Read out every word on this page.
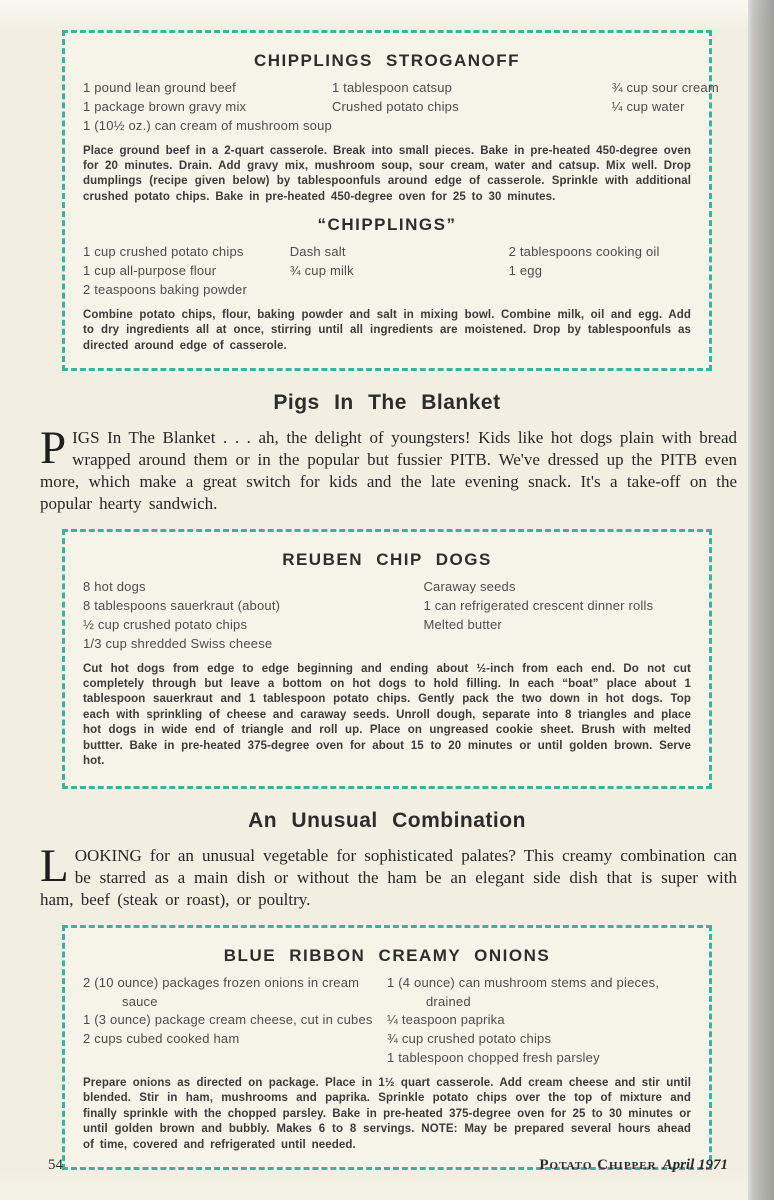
CHIPPLINGS STROGANOFF
1 pound lean ground beef
1 package brown gravy mix
1 (10½ oz.) can cream of mushroom soup
1 tablespoon catsup
Crushed potato chips
¾ cup sour cream
¼ cup water

Place ground beef in a 2-quart casserole. Break into small pieces. Bake in pre-heated 450-degree oven for 20 minutes. Drain. Add gravy mix, mushroom soup, sour cream, water and catsup. Mix well. Drop dumplings (recipe given below) by tablespoonfuls around edge of casserole. Sprinkle with additional crushed potato chips. Bake in pre-heated 450-degree oven for 25 to 30 minutes.

“CHIPPLINGS”
1 cup crushed potato chips
1 cup all-purpose flour
2 teaspoons baking powder
Dash salt
¾ cup milk
2 tablespoons cooking oil
1 egg

Combine potato chips, flour, baking powder and salt in mixing bowl. Combine milk, oil and egg. Add to dry ingredients all at once, stirring until all ingredients are moistened. Drop by tablespoonfuls as directed around edge of casserole.

Pigs In The Blanket

PIGS In The Blanket . . . ah, the delight of youngsters! Kids like hot dogs plain with bread wrapped around them or in the popular but fussier PITB. We've dressed up the PITB even more, which make a great switch for kids and the late evening snack. It's a take-off on the popular hearty sandwich.

REUBEN CHIP DOGS
8 hot dogs
8 tablespoons sauerkraut (about)
½ cup crushed potato chips
1/3 cup shredded Swiss cheese
Caraway seeds
1 can refrigerated crescent dinner rolls
Melted butter

Cut hot dogs from edge to edge beginning and ending about ½-inch from each end. Do not cut completely through but leave a bottom on hot dogs to hold filling. In each “boat” place about 1 tablespoon sauerkraut and 1 tablespoon potato chips. Gently pack the two down in hot dogs. Top each with sprinkling of cheese and caraway seeds. Unroll dough, separate into 8 triangles and place hot dogs in wide end of triangle and roll up. Place on ungreased cookie sheet. Brush with melted buttter. Bake in pre-heated 375-degree oven for about 15 to 20 minutes or until golden brown. Serve hot.

An Unusual Combination

LOOKING for an unusual vegetable for sophisticated palates? This creamy combination can be starred as a main dish or without the ham be an elegant side dish that is super with ham, beef (steak or roast), or poultry.

BLUE RIBBON CREAMY ONIONS
2 (10 ounce) packages frozen onions in cream sauce
1 (3 ounce) package cream cheese, cut in cubes
2 cups cubed cooked ham
1 (4 ounce) can mushroom stems and pieces, drained
¼ teaspoon paprika
¾ cup crushed potato chips
1 tablespoon chopped fresh parsley

Prepare onions as directed on package. Place in 1½ quart casserole. Add cream cheese and stir until blended. Stir in ham, mushrooms and paprika. Sprinkle potato chips over the top of mixture and finally sprinkle with the chopped parsley. Bake in pre-heated 375-degree oven for 25 to 30 minutes or until golden brown and bubbly. Makes 6 to 8 servings. NOTE: May be prepared several hours ahead of time, covered and refrigerated until needed.

54	Potato Chipper April 1971
